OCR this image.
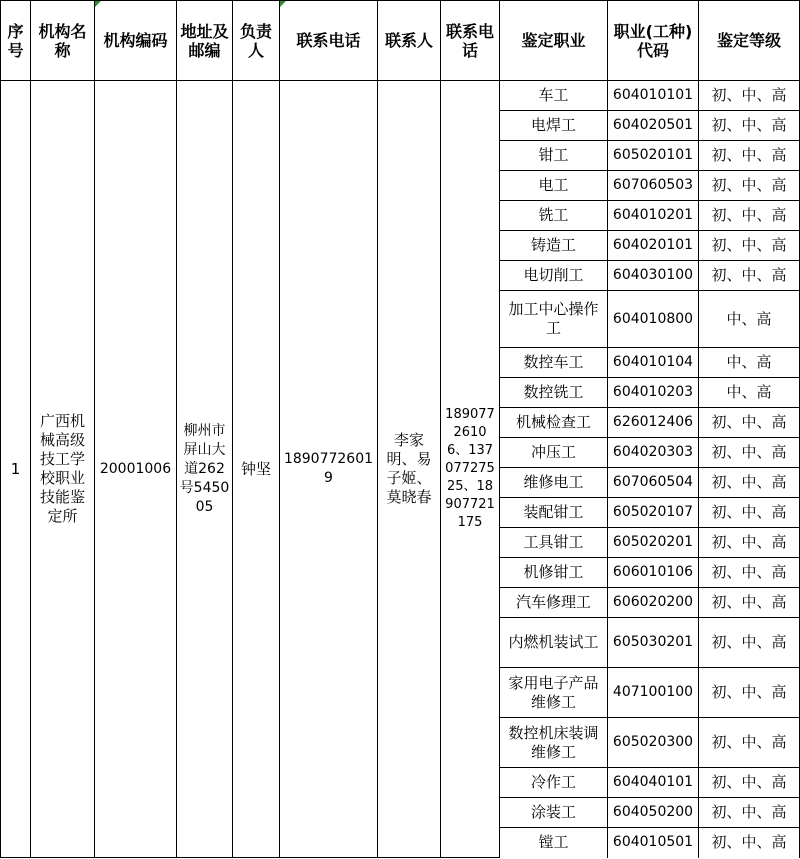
序号	机构名称	机构编码	地址及邮编	负责人	联系电话	联系人	联系电话	鉴定职业	职业(工种)代码	鉴定等级
1	广西机械高级技工学校职业技能鉴定所	20001006	柳州市屏山大道262号545005	钟坚	18907726019	李家明、易子姬、莫晓春	18907726106、13707727525、18907721175	车工	604010101	初、中、高
								电焊工	604020501	初、中、高
								钳工	605020101	初、中、高
								电工	607060503	初、中、高
								铣工	604010201	初、中、高
								铸造工	604020101	初、中、高
								电切削工	604030100	初、中、高
								加工中心操作工	604010800	中、高
								数控车工	604010104	中、高
								数控铣工	604010203	中、高
								机械检查工	626012406	初、中、高
								冲压工	604020303	初、中、高
								维修电工	607060504	初、中、高
								装配钳工	605020107	初、中、高
								工具钳工	605020201	初、中、高
								机修钳工	606010106	初、中、高
								汽车修理工	606020200	初、中、高
								内燃机装试工	605030201	初、中、高
								家用电子产品维修工	407100100	初、中、高
								数控机床装调维修工	605020300	初、中、高
								冷作工	604040101	初、中、高
								涂装工	604050200	初、中、高
								镗工	604010501	初、中、高
